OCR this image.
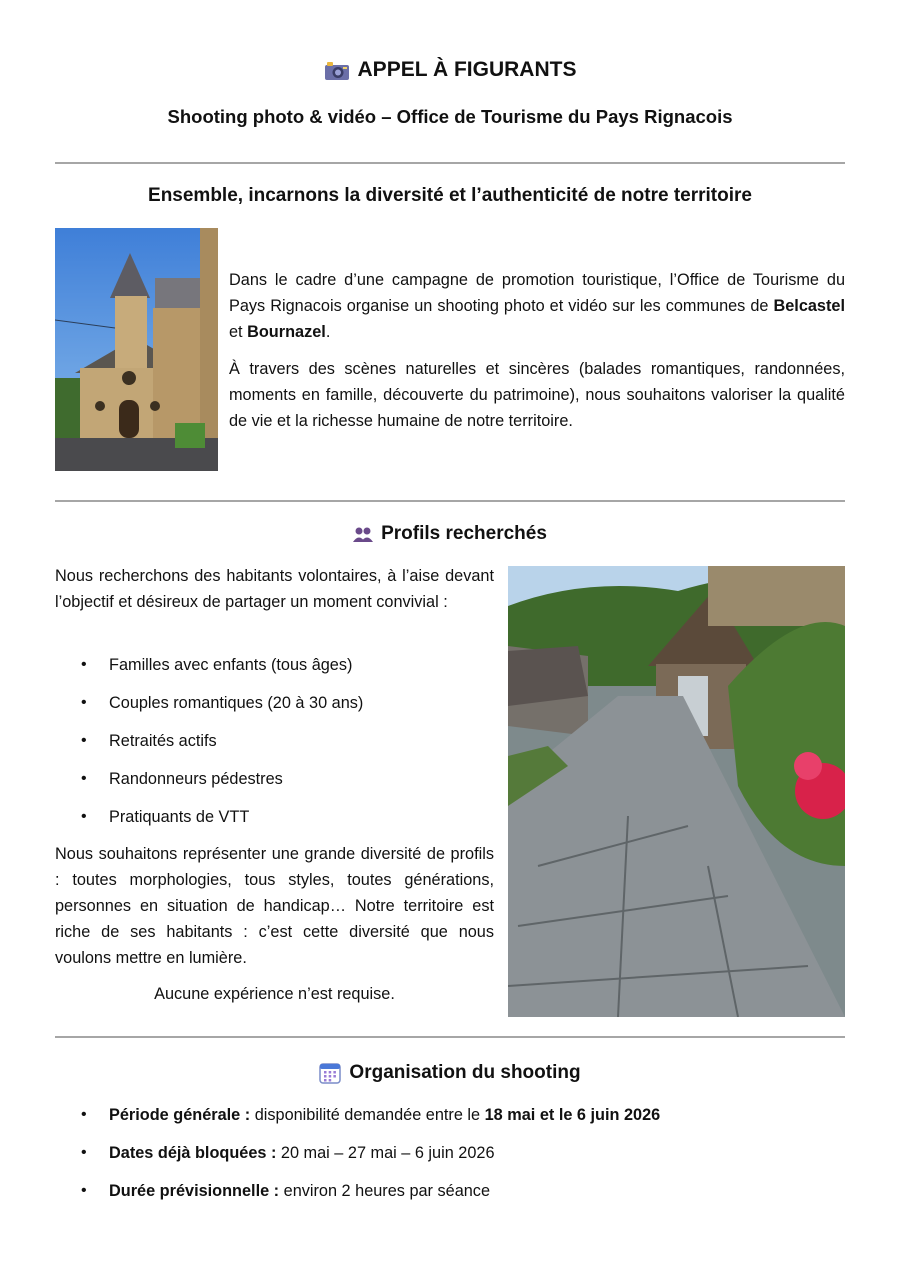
APPEL À FIGURANTS
Shooting photo & vidéo – Office de Tourisme du Pays Rignacois
Ensemble, incarnons la diversité et l’authenticité de notre territoire

Dans le cadre d’une campagne de promotion touristique, l’Office de Tourisme du Pays Rignacois organise un shooting photo et vidéo sur les communes de Belcastel et Bournazel.

À travers des scènes naturelles et sincères (balades romantiques, randonnées, moments en famille, découverte du patrimoine), nous souhaitons valoriser la qualité de vie et la richesse humaine de notre territoire.

Profils recherchés

Nous recherchons des habitants volontaires, à l’aise devant l’objectif et désireux de partager un moment convivial :

• Familles avec enfants (tous âges)
• Couples romantiques (20 à 30 ans)
• Retraités actifs
• Randonneurs pédestres
• Pratiquants de VTT

Nous souhaitons représenter une grande diversité de profils : toutes morphologies, tous styles, toutes générations, personnes en situation de handicap… Notre territoire est riche de ses habitants : c’est cette diversité que nous voulons mettre en lumière.

Aucune expérience n’est requise.

Organisation du shooting
• Période générale : disponibilité demandée entre le 18 mai et le 6 juin 2026
• Dates déjà bloquées : 20 mai – 27 mai – 6 juin 2026
• Durée prévisionnelle : environ 2 heures par séance
